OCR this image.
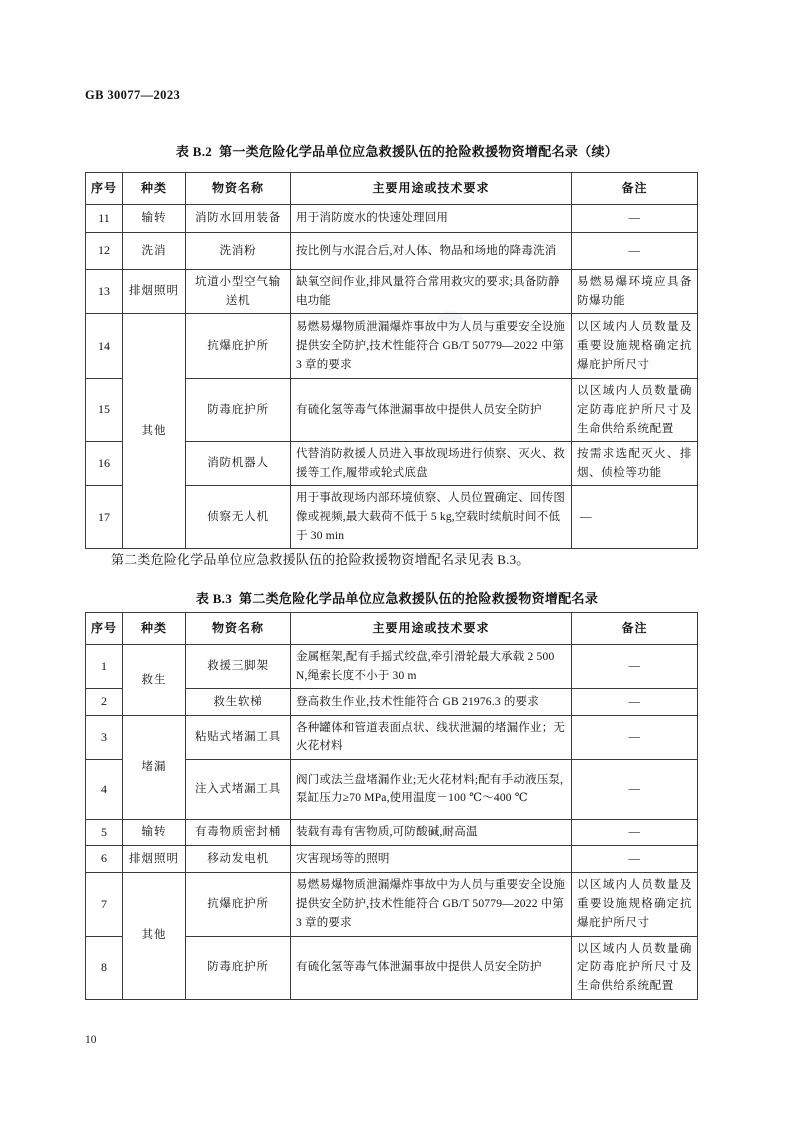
GB 30077—2023
表 B.2 第一类危险化学品单位应急救援队伍的抢险救援物资增配名录（续）
序号	种类	物资名称	主要用途或技术要求	备注
11	输转	消防水回用装备	用于消防废水的快速处理回用	—
12	洗消	洗消粉	按比例与水混合后,对人体、物品和场地的降毒洗消	—
13	排烟照明	坑道小型空气输送机	缺氧空间作业,排风量符合常用救灾的要求;具备防静电功能	易燃易爆环境应具备防爆功能
14	其他	抗爆庇护所	易燃易爆物质泄漏爆炸事故中为人员与重要安全设施提供安全防护,技术性能符合 GB/T 50779—2022 中第 3 章的要求	以区域内人员数量及重要设施规格确定抗爆庇护所尺寸
15		防毒庇护所	有硫化氢等毒气体泄漏事故中提供人员安全防护	以区域内人员数量确定防毒庇护所尺寸及生命供给系统配置
16		消防机器人	代替消防救援人员进入事故现场进行侦察、灭火、救援等工作,履带或轮式底盘	按需求选配灭火、排烟、侦检等功能
17		侦察无人机	用于事故现场内部环境侦察、人员位置确定、回传图像或视频,最大载荷不低于 5 kg,空载时续航时间不低于 30 min	—
第二类危险化学品单位应急救援队伍的抢险救援物资增配名录见表 B.3。
表 B.3 第二类危险化学品单位应急救援队伍的抢险救援物资增配名录
序号	种类	物资名称	主要用途或技术要求	备注
1	救生	救援三脚架	金属框架,配有手摇式绞盘,牵引滑轮最大承载 2 500 N,绳索长度不小于 30 m	—
2		救生软梯	登高救生作业,技术性能符合 GB 21976.3 的要求	—
3	堵漏	粘贴式堵漏工具	各种罐体和管道表面点状、线状泄漏的堵漏作业；无火花材料	—
4		注入式堵漏工具	阀门或法兰盘堵漏作业;无火花材料;配有手动液压泵,泵缸压力≥70 MPa,使用温度－100 ℃～400 ℃	—
5	输转	有毒物质密封桶	装载有毒有害物质,可防酸碱,耐高温	—
6	排烟照明	移动发电机	灾害现场等的照明	—
7	其他	抗爆庇护所	易燃易爆物质泄漏爆炸事故中为人员与重要安全设施提供安全防护,技术性能符合 GB/T 50779—2022 中第 3 章的要求	以区域内人员数量及重要设施规格确定抗爆庇护所尺寸
8		防毒庇护所	有硫化氢等毒气体泄漏事故中提供人员安全防护	以区域内人员数量确定防毒庇护所尺寸及生命供给系统配置
10
